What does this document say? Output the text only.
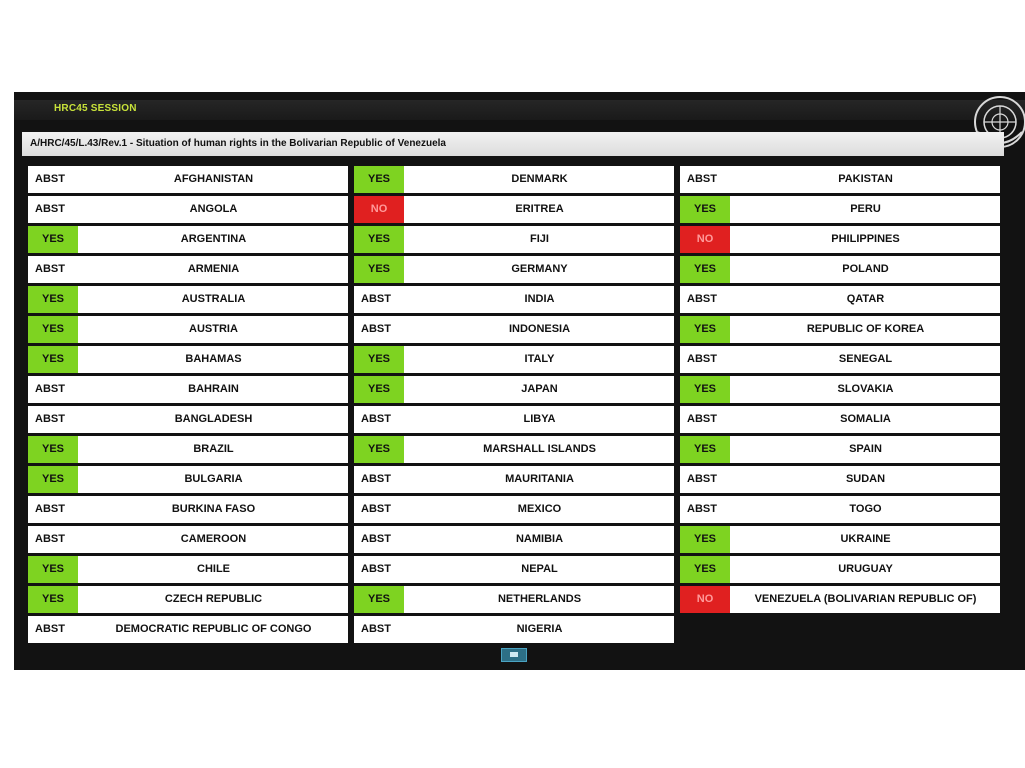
HRC45 SESSION
A/HRC/45/L.43/Rev.1 - Situation of human rights in the Bolivarian Republic of Venezuela
ABST	AFGHANISTAN
ABST	ANGOLA
YES	ARGENTINA
ABST	ARMENIA
YES	AUSTRALIA
YES	AUSTRIA
YES	BAHAMAS
ABST	BAHRAIN
ABST	BANGLADESH
YES	BRAZIL
YES	BULGARIA
ABST	BURKINA FASO
ABST	CAMEROON
YES	CHILE
YES	CZECH REPUBLIC
ABST	DEMOCRATIC REPUBLIC OF CONGO
YES	DENMARK
NO	ERITREA
YES	FIJI
YES	GERMANY
ABST	INDIA
ABST	INDONESIA
YES	ITALY
YES	JAPAN
ABST	LIBYA
YES	MARSHALL ISLANDS
ABST	MAURITANIA
ABST	MEXICO
ABST	NAMIBIA
ABST	NEPAL
YES	NETHERLANDS
ABST	NIGERIA
ABST	PAKISTAN
YES	PERU
NO	PHILIPPINES
YES	POLAND
ABST	QATAR
YES	REPUBLIC OF KOREA
ABST	SENEGAL
YES	SLOVAKIA
ABST	SOMALIA
YES	SPAIN
ABST	SUDAN
ABST	TOGO
YES	UKRAINE
YES	URUGUAY
NO	VENEZUELA (BOLIVARIAN REPUBLIC OF)
